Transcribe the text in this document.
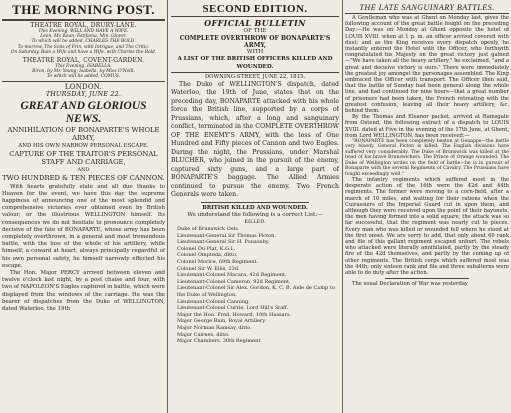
THE MORNING POST.
THEATRE ROYAL, DRURY-LANE.
This Evening, WILL AND HAVE A WIFE.
Leon, Mr. Kean; Estifania, Mrs. Glover.
To which will be added, CHARLES THE BOLD.
To-morrow, The Sons of Frin, with Intrigue, and The Critic.
On Saturday, Rule a Wife and have a Wife, with Charles the Bold.
THEATRE ROYAL, COVENT-GARDEN.
This Evening, ISABELLA.
Biron, by Mr. Young; Isabella, by Miss O'Neill.
To which will be added, COMUS.
LONDON.
THURSDAY, JUNE 22.
GREAT AND GLORIOUS NEWS.
ANNIHILATION OF BONAPARTE'S WHOLE ARMY,
AND HIS OWN NARROW PERSONAL ESCAPE.
CAPTURE OF THE TRAITOR'S PERSONAL STAFF AND CARRIAGE,
AND
TWO HUNDRED & TEN PIECES OF CANNON.

With hearts gratefully elate and all due thanks to Heaven for the event, we have this day the supreme happiness of announcing one of the most splendid and comprehensive victories ever obtained even by British valour, or the illustrious WELLINGTON himself. Its consequences we do not hesitate to pronounce completely decisive of the fate of BONAPARTE, whose army has been completely overthrown, in a general and most tremendous battle, with the loss of the whole of his artillery, while himself, a coward at heart, always principally regardful of his own personal safety, he himself narrowly effected his escape.

The Hon. Major PERCY arrived between eleven and twelve o'clock last night, by a post chaise and four, with two of NAPOLEON'S Eagles captured in battle, which were displayed from the windows of the carriage. He was the bearer of dispatches from the Duke of WELLINGTON, dated Waterloo, the 19th

SECOND EDITION.
OFFICIAL BULLETIN
OF THE
COMPLETE OVERTHROW OF BONAPARTE'S ARMY,
WITH
A LIST OF THE BRITISH OFFICERS KILLED AND WOUNDED.
DOWNING-STREET, JUNE 22, 1815.

The Duke of WELLINGTON'S dispatch, dated Waterloo, the 19th of June, states that on the preceding day, BONAPARTE attacked with his whole force the British line, supported by a corps of Prussians, which, after a long and sanguinary conflict, terminated in the COMPLETE OVERTHROW OF THE ENEMY'S ARMY, with the loss of One Hundred and Fifty pieces of Cannon and two Eagles. During the night, the Prussians, under Marshal BLUCHER, who joined in the pursuit of the enemy, captured sixty guns, and a large part of BONAPARTE'S baggage. The Allied Armies continued to pursue the enemy. Two French Generals were taken.

BRITISH KILLED AND WOUNDED.
We understand the following is a correct List:—
KILLED.
Duke of Brunswick Oels.
Lieutenant-General Sir Thomas Picton.
Lieutenant-General Sir H. Ponsonby.
Colonel Du Plat, K.G.L.
Colonel Ompteda, ditto.
Colonel Morice, 69th Regiment.
Colonel Sir W. Ellis, 23d.
Lieutenant-Colonel Macara, 42d Regiment.
Lieutenant-Colonel Cameron, 92d Regiment.
Lieutenant-Colonel Sir Alex. Gordon, K. C. B. Aide de Camp to the Duke of Wellington.
Lieutenant-Colonel Canning.
Lieutenant-Colonel Currie, Lord Hill's Staff.
Major the Hon. Fred. Howard, 10th Hussars.
Major George Bain, Royal Artillery.
Major Norman Ramsay, ditto.
Major Cairnes, ditto.
Major Chambers, 30th Regiment.
THE LATE SANGUINARY BATTLES.

A Gentleman who was at Ghent on Monday last, gives the following account of the great battle fought on the preceding Day:—He was on Monday at Ghent opposite the hotel of LOUIS XVIII. when at 1 p. m. an officer arrived covered with dust; and as the King receives every dispatch openly, he instantly entered the Hotel with the Officer, who forthwith congratulated his Majesty on the great victory just gained—"We have taken all the heavy artillery," he exclaimed, "and a great and decisive victory is ours." There were immediately the greatest joy amongst the personages assembled. The King embraced the Officer with transport. The Officer then said, that the battle of Sunday had been general along the whole line, and had continued for nine hours—that a great number of prisoners had been taken, the French retreating with the greatest confusion, leaving all their heavy artillery, &c. behind them.

By the Thomas and Eleanor packet, arrived at Ramsgate from Ostend, the following extract of a dispatch to LOUIS XVIII. dated at Five in the evening of the 17th June, at Ghent, from Lord WELLINGTON, has been received:—

"BONAPARTE has been completely beaten at Genappe—the battle very bloody. General Picton is killed. The English divisions have suffered very considerably. The Duke of Brunswick was killed at the head of his brave Brunswickers. The Prince of Orange wounded. The Duke of Wellington writes on the field of battle—he is in pursuit of Bonaparte with the several Regiments of Cavalry. The Prussians have fought exceedingly well."

The infantry regiments which suffered most in the desperate action of the 16th were the 42d and 44th regiments. The former were moving to a corn-field, after a march of 10 miles, and waiting for their rations when the Cuirassiers of the Imperial Guard cut in upon them, and although they were received upon the point of their bayonets, the men having formed into a solid square, the attack was so far successful, that the regiment was nearly cut to pieces. Every man who was killed or wounded fell where he stood at the first onset. We are sorry to add, that only about 60 rank and file of this gallant regiment escaped unhurt. The rebels who attacked were literally annihilated, partly by the steady fire of the 42d themselves, and partly by the coming up of other regiments. The British corps which suffered most was the 44th; only sixteen rank and file and three subalterns were able to do duty after the action.

The usual Declaration of War was yesterday
